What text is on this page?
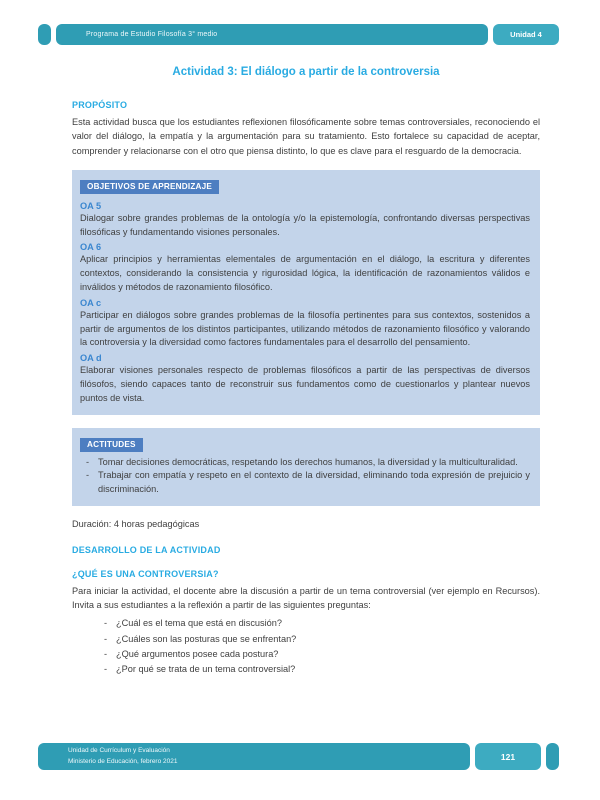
Programa de Estudio Filosofía 3° medio	Unidad 4
Actividad 3: El diálogo a partir de la controversia
PROPÓSITO

Esta actividad busca que los estudiantes reflexionen filosóficamente sobre temas controversiales, reconociendo el valor del diálogo, la empatía y la argumentación para su tratamiento. Esto fortalece su capacidad de aceptar, comprender y relacionarse con el otro que piensa distinto, lo que es clave para el resguardo de la democracia.

OBJETIVOS DE APRENDIZAJE
OA 5
Dialogar sobre grandes problemas de la ontología y/o la epistemología, confrontando diversas perspectivas filosóficas y fundamentando visiones personales.
OA 6
Aplicar principios y herramientas elementales de argumentación en el diálogo, la escritura y diferentes contextos, considerando la consistencia y rigurosidad lógica, la identificación de razonamientos válidos e inválidos y métodos de razonamiento filosófico.
OA c
Participar en diálogos sobre grandes problemas de la filosofía pertinentes para sus contextos, sostenidos a partir de argumentos de los distintos participantes, utilizando métodos de razonamiento filosófico y valorando la controversia y la diversidad como factores fundamentales para el desarrollo del pensamiento.
OA d
Elaborar visiones personales respecto de problemas filosóficos a partir de las perspectivas de diversos filósofos, siendo capaces tanto de reconstruir sus fundamentos como de cuestionarlos y plantear nuevos puntos de vista.
ACTITUDES
- Tomar decisiones democráticas, respetando los derechos humanos, la diversidad y la multiculturalidad.
- Trabajar con empatía y respeto en el contexto de la diversidad, eliminando toda expresión de prejuicio y discriminación.
Duración: 4 horas pedagógicas
DESARROLLO DE LA ACTIVIDAD
¿QUÉ ES UNA CONTROVERSIA?

Para iniciar la actividad, el docente abre la discusión a partir de un tema controversial (ver ejemplo en Recursos). Invita a sus estudiantes a la reflexión a partir de las siguientes preguntas:

- ¿Cuál es el tema que está en discusión?
- ¿Cuáles son las posturas que se enfrentan?
- ¿Qué argumentos posee cada postura?
- ¿Por qué se trata de un tema controversial?
Unidad de Currículum y Evaluación
Ministerio de Educación, febrero 2021	121
